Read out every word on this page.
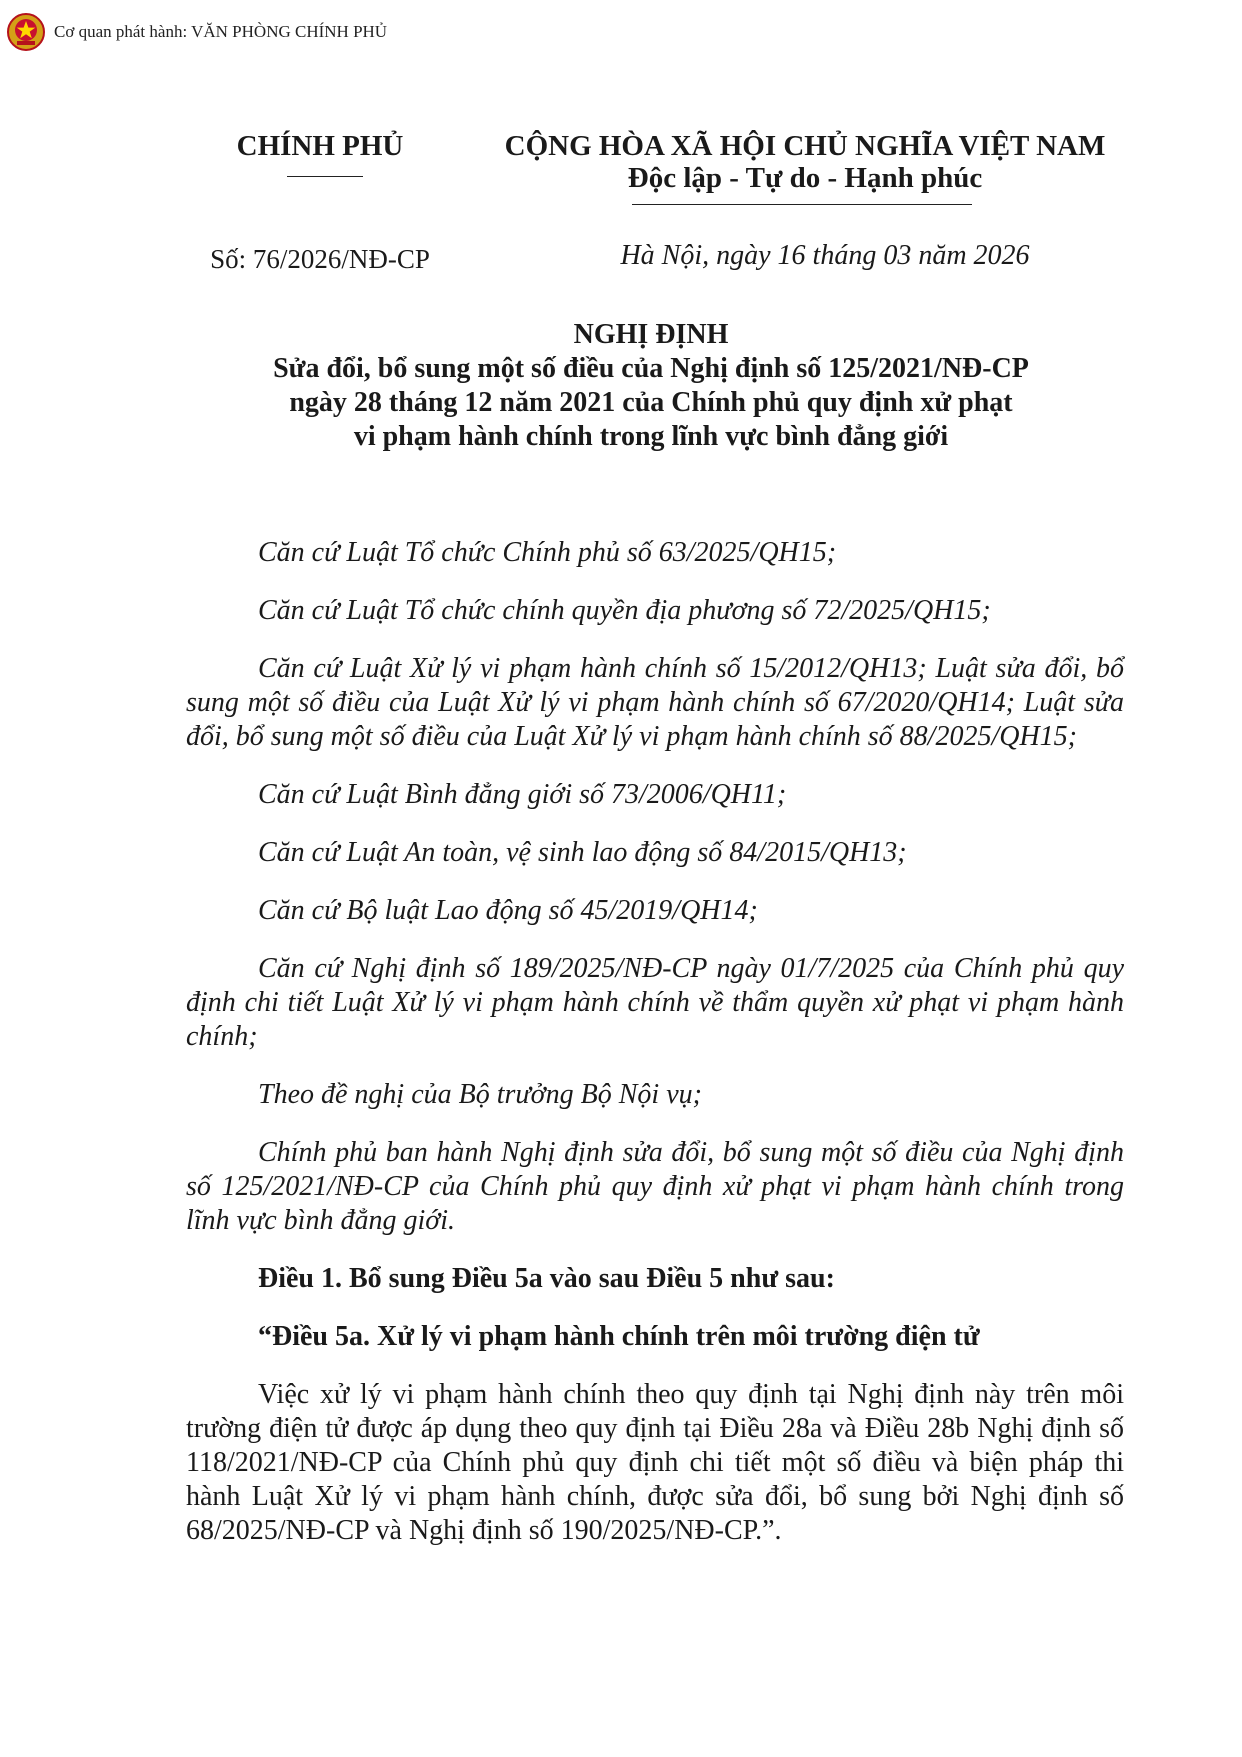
Cơ quan phát hành: VĂN PHÒNG CHÍNH PHỦ
CHÍNH PHỦ	CỘNG HÒA XÃ HỘI CHỦ NGHĨA VIỆT NAM
Độc lập - Tự do - Hạnh phúc
Số: 76/2026/NĐ-CP	Hà Nội, ngày 16 tháng 03 năm 2026
NGHỊ ĐỊNH
Sửa đổi, bổ sung một số điều của Nghị định số 125/2021/NĐ-CP
ngày 28 tháng 12 năm 2021 của Chính phủ quy định xử phạt
vi phạm hành chính trong lĩnh vực bình đẳng giới

Căn cứ Luật Tổ chức Chính phủ số 63/2025/QH15;

Căn cứ Luật Tổ chức chính quyền địa phương số 72/2025/QH15;

Căn cứ Luật Xử lý vi phạm hành chính số 15/2012/QH13; Luật sửa đổi, bổ sung một số điều của Luật Xử lý vi phạm hành chính số 67/2020/QH14; Luật sửa đổi, bổ sung một số điều của Luật Xử lý vi phạm hành chính số 88/2025/QH15;

Căn cứ Luật Bình đẳng giới số 73/2006/QH11;

Căn cứ Luật An toàn, vệ sinh lao động số 84/2015/QH13;

Căn cứ Bộ luật Lao động số 45/2019/QH14;

Căn cứ Nghị định số 189/2025/NĐ-CP ngày 01/7/2025 của Chính phủ quy định chi tiết Luật Xử lý vi phạm hành chính về thẩm quyền xử phạt vi phạm hành chính;

Theo đề nghị của Bộ trưởng Bộ Nội vụ;

Chính phủ ban hành Nghị định sửa đổi, bổ sung một số điều của Nghị định số 125/2021/NĐ-CP của Chính phủ quy định xử phạt vi phạm hành chính trong lĩnh vực bình đẳng giới.

Điều 1. Bổ sung Điều 5a vào sau Điều 5 như sau:

“Điều 5a. Xử lý vi phạm hành chính trên môi trường điện tử

Việc xử lý vi phạm hành chính theo quy định tại Nghị định này trên môi trường điện tử được áp dụng theo quy định tại Điều 28a và Điều 28b Nghị định số 118/2021/NĐ-CP của Chính phủ quy định chi tiết một số điều và biện pháp thi hành Luật Xử lý vi phạm hành chính, được sửa đổi, bổ sung bởi Nghị định số 68/2025/NĐ-CP và Nghị định số 190/2025/NĐ-CP.”.
